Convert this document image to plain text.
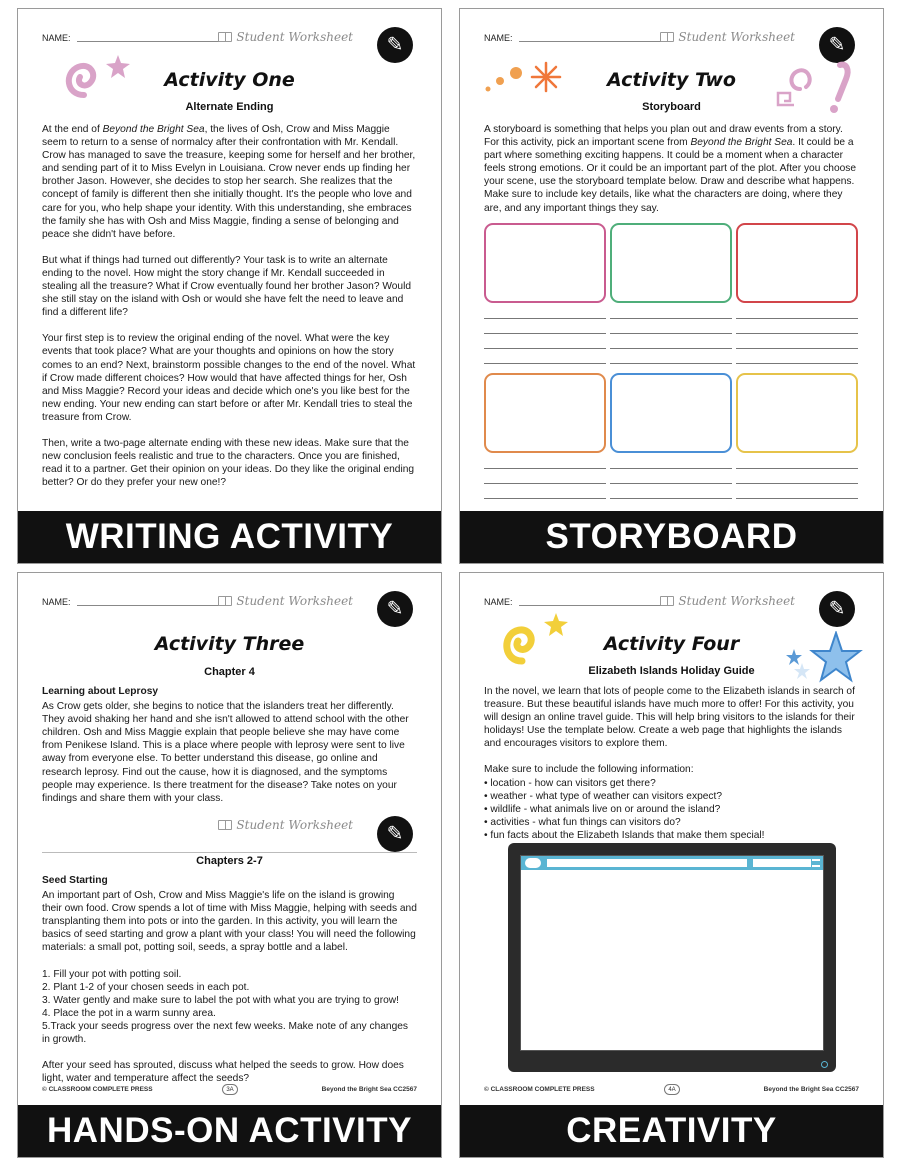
NAME:	Student Worksheet	✎
Activity One
Alternate Ending

At the end of Beyond the Bright Sea, the lives of Osh, Crow and Miss Maggie seem to return to a sense of normalcy after their confrontation with Mr. Kendall. Crow has managed to save the treasure, keeping some for herself and her brother, and sending part of it to Miss Evelyn in Louisiana. Crow never ends up finding her brother Jason. However, she decides to stop her search. She realizes that the concept of family is different then she initially thought. It's the people who love and care for you, who help shape your identity. With this understanding, she embraces the family she has with Osh and Miss Maggie, finding a sense of belonging and peace she didn't have before.

But what if things had turned out differently? Your task is to write an alternate ending to the novel. How might the story change if Mr. Kendall succeeded in stealing all the treasure? What if Crow eventually found her brother Jason? Would she still stay on the island with Osh or would she have felt the need to leave and find a different life?

Your first step is to review the original ending of the novel. What were the key events that took place? What are your thoughts and opinions on how the story comes to an end? Next, brainstorm possible changes to the end of the novel. What if Crow made different choices? How would that have affected things for her, Osh and Miss Maggie? Record your ideas and decide which one's you like best for the new ending. Your new ending can start before or after Mr. Kendall tries to steal the treasure from Crow.

Then, write a two-page alternate ending with these new ideas. Make sure that the new conclusion feels realistic and true to the characters. Once you are finished, read it to a partner. Get their opinion on your ideas. Do they like the original ending better? Or do they prefer your new one!?

WRITING ACTIVITY
NAME:	Student Worksheet	✎
Activity Two
Storyboard

A storyboard is something that helps you plan out and draw events from a story. For this activity, pick an important scene from Beyond the Bright Sea. It could be a part where something exciting happens. It could be a moment when a character feels strong emotions. Or it could be an important part of the plot. After you choose your scene, use the storyboard template below. Draw and describe what happens. Make sure to include key details, like what the characters are doing, where they are, and any important things they say.

STORYBOARD
NAME:	Student Worksheet	✎
Activity Three
Chapter 4

Learning about Leprosy

As Crow gets older, she begins to notice that the islanders treat her differently. They avoid shaking her hand and she isn't allowed to attend school with the other children. Osh and Miss Maggie explain that people believe she may have come from Penikese Island. This is a place where people with leprosy were sent to live away from everyone else. To better understand this disease, go online and research leprosy. Find out the cause, how it is diagnosed, and the symptoms people may experience. Is there treatment for the disease? Take notes on your findings and share them with your class.

Student Worksheet	✎
Chapters 2-7

Seed Starting

An important part of Osh, Crow and Miss Maggie's life on the island is growing their own food. Crow spends a lot of time with Miss Maggie, helping with seeds and transplanting them into pots or into the garden. In this activity, you will learn the basics of seed starting and grow a plant with your class! You will need the following materials: a small pot, potting soil, seeds, a spray bottle and a label.

1. Fill your pot with potting soil.
2. Plant 1-2 of your chosen seeds in each pot.
3. Water gently and make sure to label the pot with what you are trying to grow!
4. Place the pot in a warm sunny area.
5.Track your seeds progress over the next few weeks. Make note of any changes in growth.

After your seed has sprouted, discuss what helped the seeds to grow. How does light, water and temperature affect the seeds?

© CLASSROOM COMPLETE PRESS	3A	Beyond the Bright Sea CC2567
HANDS-ON ACTIVITY
NAME:	Student Worksheet	✎
Activity Four
Elizabeth Islands Holiday Guide

In the novel, we learn that lots of people come to the Elizabeth islands in search of treasure. But these beautiful islands have much more to offer! For this activity, you will design an online travel guide. This will help bring visitors to the islands for their holidays! Use the template below. Create a web page that highlights the islands and encourages visitors to explore them.

Make sure to include the following information:

• location - how can visitors get there?
• weather - what type of weather can visitors expect?
• wildlife - what animals live on or around the island?
• activities - what fun things can visitors do?
• fun facts about the Elizabeth Islands that make them special!
© CLASSROOM COMPLETE PRESS	4A	Beyond the Bright Sea CC2567
CREATIVITY
